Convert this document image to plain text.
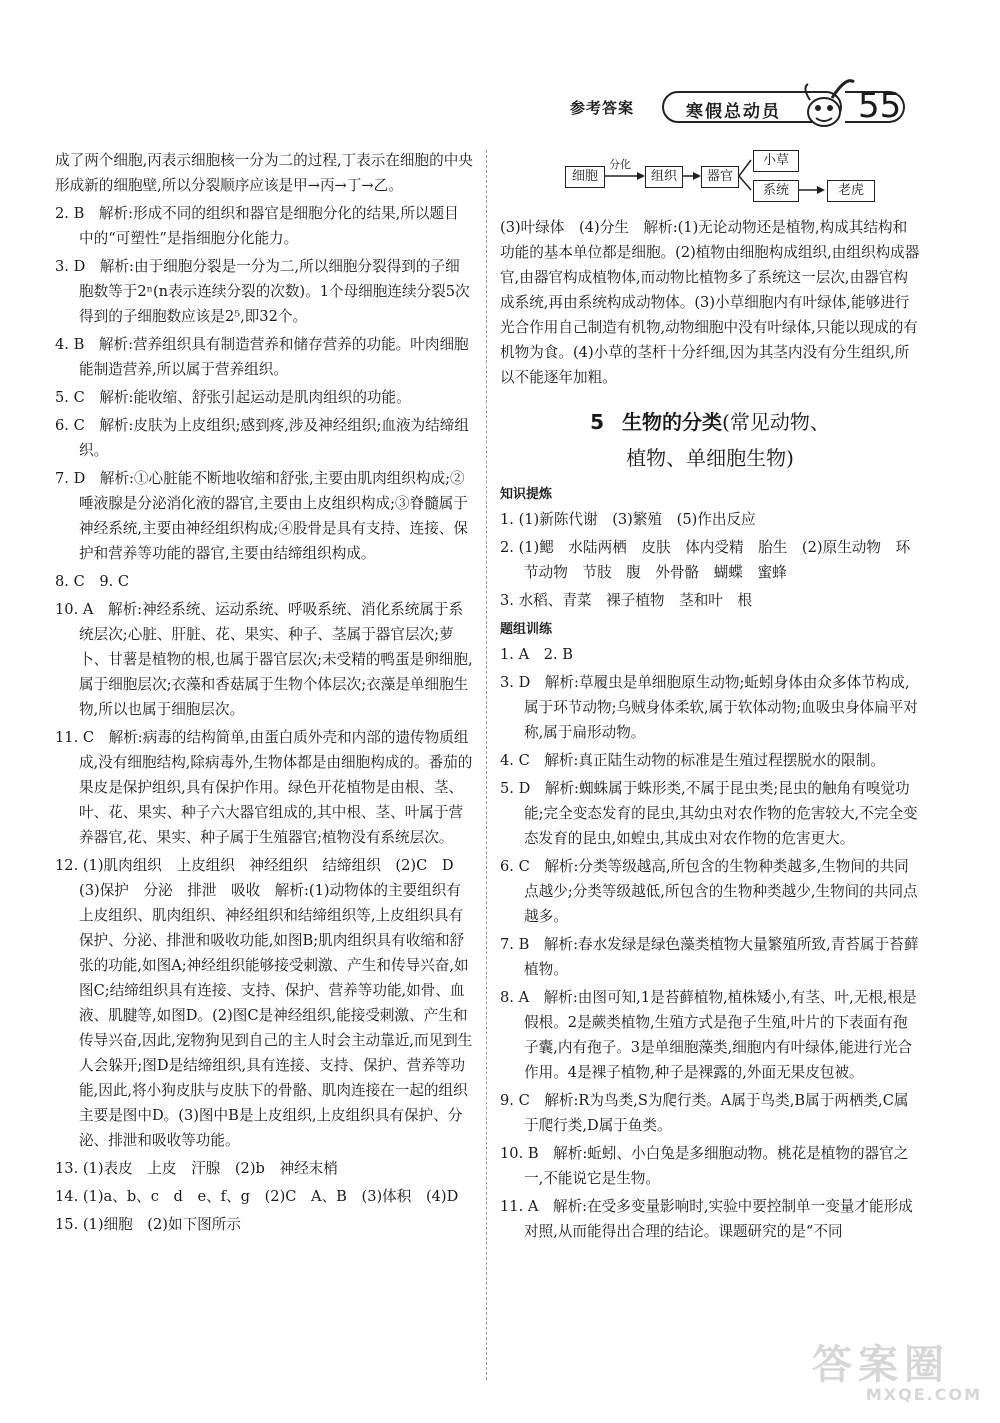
参考答案	寒假总动员 55
成了两个细胞,丙表示细胞核一分为二的过程,丁表示在细胞的中央形成新的细胞壁,所以分裂顺序应该是甲→丙→丁→乙。
2. B　解析:形成不同的组织和器官是细胞分化的结果,所以题目中的“可塑性”是指细胞分化能力。
3. D　解析:由于细胞分裂是一分为二,所以细胞分裂得到的子细胞数等于2ⁿ(n表示连续分裂的次数)。1个母细胞连续分裂5次得到的子细胞数应该是2⁵,即32个。
4. B　解析:营养组织具有制造营养和储存营养的功能。叶肉细胞能制造营养,所以属于营养组织。
5. C　解析:能收缩、舒张引起运动是肌肉组织的功能。
6. C　解析:皮肤为上皮组织;感到疼,涉及神经组织;血液为结缔组织。
7. D　解析:①心脏能不断地收缩和舒张,主要由肌肉组织构成;②唾液腺是分泌消化液的器官,主要由上皮组织构成;③脊髓属于神经系统,主要由神经组织构成;④股骨是具有支持、连接、保护和营养等功能的器官,主要由结缔组织构成。
8. C　9. C
10. A　解析:神经系统、运动系统、呼吸系统、消化系统属于系统层次;心脏、肝脏、花、果实、种子、茎属于器官层次;萝卜、甘薯是植物的根,也属于器官层次;未受精的鸭蛋是卵细胞,属于细胞层次;衣藻和香菇属于生物个体层次;衣藻是单细胞生物,所以也属于细胞层次。
11. C　解析:病毒的结构简单,由蛋白质外壳和内部的遗传物质组成,没有细胞结构,除病毒外,生物体都是由细胞构成的。番茄的果皮是保护组织,具有保护作用。绿色开花植物是由根、茎、叶、花、果实、种子六大器官组成的,其中根、茎、叶属于营养器官,花、果实、种子属于生殖器官;植物没有系统层次。
12. (1)肌肉组织　上皮组织　神经组织　结缔组织　(2)C　D　(3)保护　分泌　排泄　吸收　解析:(1)动物体的主要组织有上皮组织、肌肉组织、神经组织和结缔组织等,上皮组织具有保护、分泌、排泄和吸收功能,如图B;肌肉组织具有收缩和舒张的功能,如图A;神经组织能够接受刺激、产生和传导兴奋,如图C;结缔组织具有连接、支持、保护、营养等功能,如骨、血液、肌腱等,如图D。(2)图C是神经组织,能接受刺激、产生和传导兴奋,因此,宠物狗见到自己的主人时会主动靠近,而见到生人会躲开;图D是结缔组织,具有连接、支持、保护、营养等功能,因此,将小狗皮肤与皮肤下的骨骼、肌肉连接在一起的组织主要是图中D。(3)图中B是上皮组织,上皮组织具有保护、分泌、排泄和吸收等功能。
13. (1)表皮　上皮　汗腺　(2)b　神经末梢
14. (1)a、b、c　d　e、f、g　(2)C　A、B　(3)体积　(4)D
15. (1)细胞　(2)如下图所示
细胞
分化
组织	器官
小草
系统	老虎
(3)叶绿体　(4)分生　解析:(1)无论动物还是植物,构成其结构和功能的基本单位都是细胞。(2)植物由细胞构成组织,由组织构成器官,由器官构成植物体,而动物比植物多了系统这一层次,由器官构成系统,再由系统构成动物体。(3)小草细胞内有叶绿体,能够进行光合作用自己制造有机物,动物细胞中没有叶绿体,只能以现成的有机物为食。(4)小草的茎杆十分纤细,因为其茎内没有分生组织,所以不能逐年加粗。
5 生物的分类(常见动物、
植物、单细胞生物)
知识提炼
1. (1)新陈代谢　(3)繁殖　(5)作出反应
2. (1)鳃　水陆两栖　皮肤　体内受精　胎生　(2)原生动物　环节动物　节肢　腹　外骨骼　蝴蝶　蜜蜂
3. 水稻、青菜　裸子植物　茎和叶　根
题组训练
1. A　2. B
3. D　解析:草履虫是单细胞原生动物;蚯蚓身体由众多体节构成,属于环节动物;乌贼身体柔软,属于软体动物;血吸虫身体扁平对称,属于扁形动物。
4. C　解析:真正陆生动物的标准是生殖过程摆脱水的限制。
5. D　解析:蜘蛛属于蛛形类,不属于昆虫类;昆虫的触角有嗅觉功能;完全变态发育的昆虫,其幼虫对农作物的危害较大,不完全变态发育的昆虫,如蝗虫,其成虫对农作物的危害更大。
6. C　解析:分类等级越高,所包含的生物种类越多,生物间的共同点越少;分类等级越低,所包含的生物种类越少,生物间的共同点越多。
7. B　解析:春水发绿是绿色藻类植物大量繁殖所致,青苔属于苔藓植物。
8. A　解析:由图可知,1是苔藓植物,植株矮小,有茎、叶,无根,根是假根。2是蕨类植物,生殖方式是孢子生殖,叶片的下表面有孢子囊,内有孢子。3是单细胞藻类,细胞内有叶绿体,能进行光合作用。4是裸子植物,种子是裸露的,外面无果皮包被。
9. C　解析:R为鸟类,S为爬行类。A属于鸟类,B属于两栖类,C属于爬行类,D属于鱼类。
10. B　解析:蚯蚓、小白兔是多细胞动物。桃花是植物的器官之一,不能说它是生物。
11. A　解析:在受多变量影响时,实验中要控制单一变量才能形成对照,从而能得出合理的结论。课题研究的是“不同
答案圈
MXQE.COM
